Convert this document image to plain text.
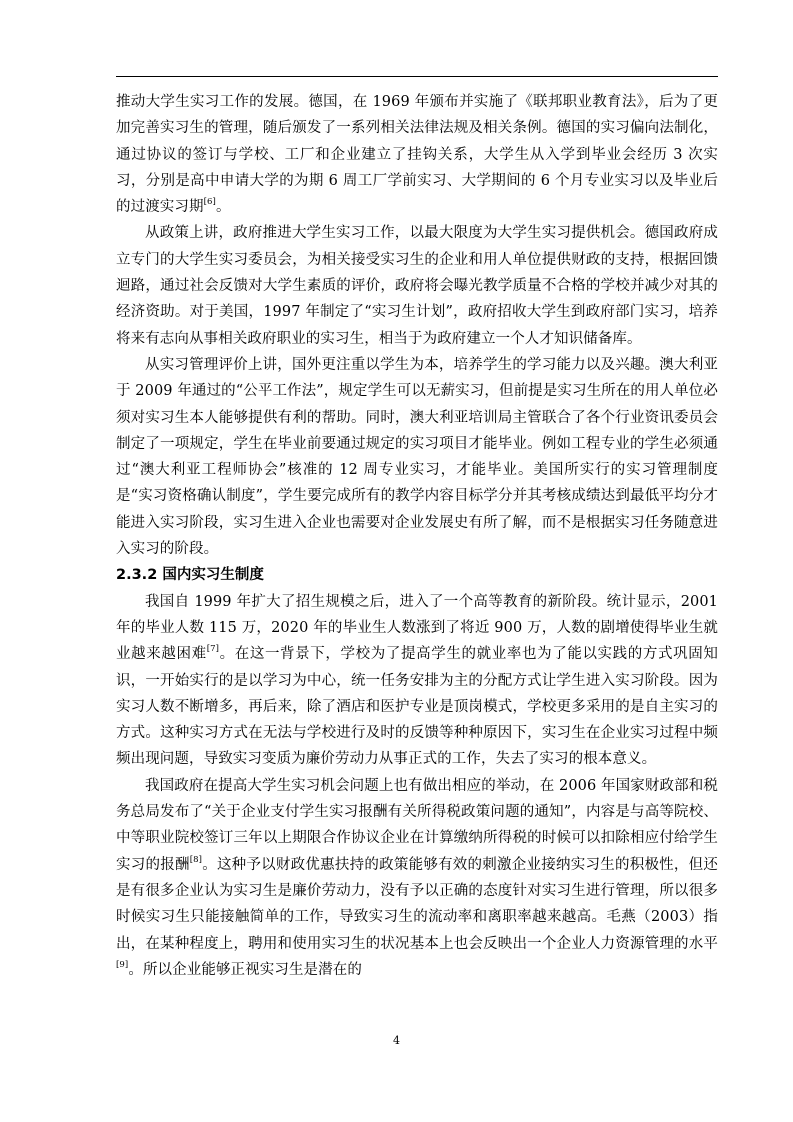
推动大学生实习工作的发展。德国，在 1969 年颁布并实施了《联邦职业教育法》，后为了更加完善实习生的管理，随后颁发了一系列相关法律法规及相关条例。德国的实习偏向法制化，通过协议的签订与学校、工厂和企业建立了挂钩关系，大学生从入学到毕业会经历 3 次实习，分别是高中申请大学的为期 6 周工厂学前实习、大学期间的 6 个月专业实习以及毕业后的过渡实习期[6]。

从政策上讲，政府推进大学生实习工作，以最大限度为大学生实习提供机会。德国政府成立专门的大学生实习委员会，为相关接受实习生的企业和用人单位提供财政的支持，根据回馈迴路，通过社会反馈对大学生素质的评价，政府将会曝光教学质量不合格的学校并减少对其的经济资助。对于美国，1997 年制定了“实习生计划”，政府招收大学生到政府部门实习，培养将来有志向从事相关政府职业的实习生，相当于为政府建立一个人才知识储备库。

从实习管理评价上讲，国外更注重以学生为本，培养学生的学习能力以及兴趣。澳大利亚于 2009 年通过的“公平工作法”，规定学生可以无薪实习，但前提是实习生所在的用人单位必须对实习生本人能够提供有利的帮助。同时，澳大利亚培训局主管联合了各个行业资讯委员会制定了一项规定，学生在毕业前要通过规定的实习项目才能毕业。例如工程专业的学生必须通过“澳大利亚工程师协会”核准的 12 周专业实习，才能毕业。美国所实行的实习管理制度是“实习资格确认制度”，学生要完成所有的教学内容目标学分并其考核成绩达到最低平均分才能进入实习阶段，实习生进入企业也需要对企业发展史有所了解，而不是根据实习任务随意进入实习的阶段。

2.3.2 国内实习生制度

我国自 1999 年扩大了招生规模之后，进入了一个高等教育的新阶段。统计显示，2001 年的毕业人数 115 万，2020 年的毕业生人数涨到了将近 900 万，人数的剧增使得毕业生就业越来越困难[7]。在这一背景下，学校为了提高学生的就业率也为了能以实践的方式巩固知识，一开始实行的是以学习为中心，统一任务安排为主的分配方式让学生进入实习阶段。因为实习人数不断增多，再后来，除了酒店和医护专业是顶岗模式，学校更多采用的是自主实习的方式。这种实习方式在无法与学校进行及时的反馈等种种原因下，实习生在企业实习过程中频频出现问题，导致实习变质为廉价劳动力从事正式的工作，失去了实习的根本意义。

我国政府在提高大学生实习机会问题上也有做出相应的举动，在 2006 年国家财政部和税务总局发布了“关于企业支付学生实习报酬有关所得税政策问题的通知”，内容是与高等院校、中等职业院校签订三年以上期限合作协议企业在计算缴纳所得税的时候可以扣除相应付给学生实习的报酬[8]。这种予以财政优惠扶持的政策能够有效的刺激企业接纳实习生的积极性，但还是有很多企业认为实习生是廉价劳动力，没有予以正确的态度针对实习生进行管理，所以很多时候实习生只能接触简单的工作，导致实习生的流动率和离职率越来越高。毛燕（2003）指出，在某种程度上，聘用和使用实习生的状况基本上也会反映出一个企业人力资源管理的水平[9]。所以企业能够正视实习生是潜在的

4
